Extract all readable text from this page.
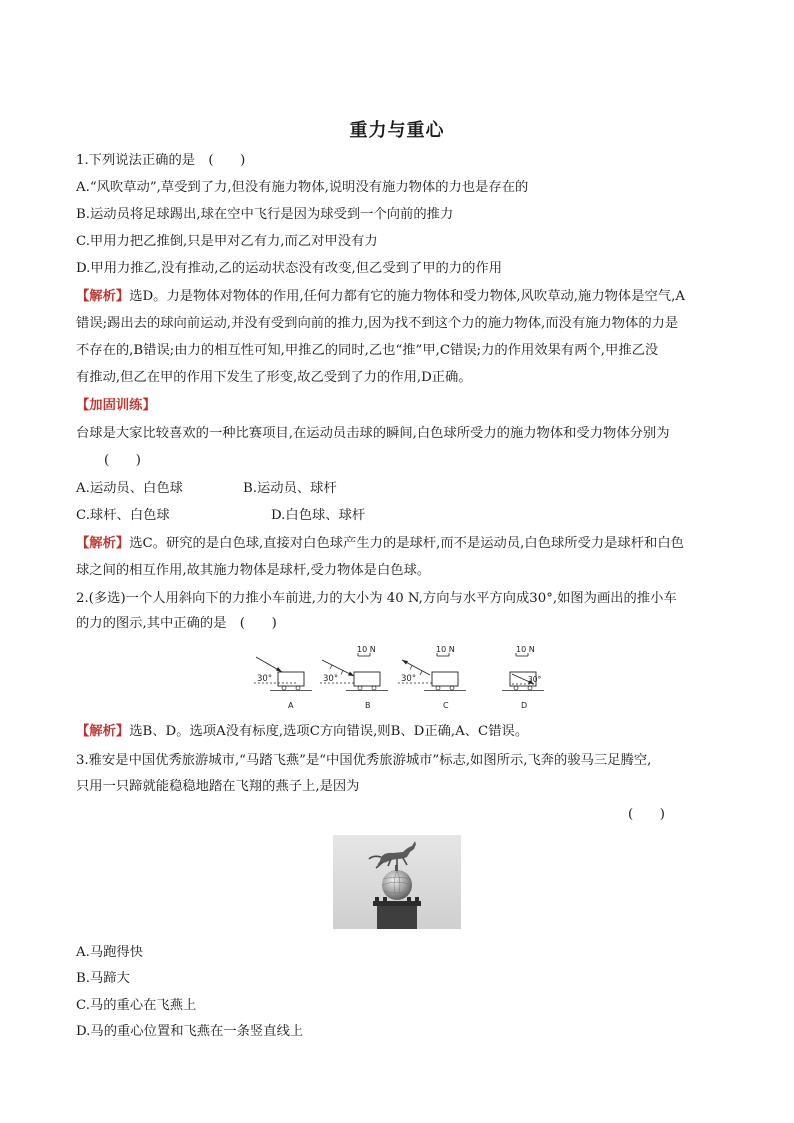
重力与重心
1.下列说法正确的是　(　　)
A.“风吹草动”,草受到了力,但没有施力物体,说明没有施力物体的力也是存在的
B.运动员将足球踢出,球在空中飞行是因为球受到一个向前的推力
C.甲用力把乙推倒,只是甲对乙有力,而乙对甲没有力
D.甲用力推乙,没有推动,乙的运动状态没有改变,但乙受到了甲的力的作用
【解析】选D。力是物体对物体的作用,任何力都有它的施力物体和受力物体,风吹草动,施力物体是空气,A
错误;踢出去的球向前运动,并没有受到向前的推力,因为找不到这个力的施力物体,而没有施力物体的力是
不存在的,B错误;由力的相互性可知,甲推乙的同时,乙也“推”甲,C错误;力的作用效果有两个,甲推乙没
有推动,但乙在甲的作用下发生了形变,故乙受到了力的作用,D正确。
【加固训练】
台球是大家比较喜欢的一种比赛项目,在运动员击球的瞬间,白色球所受力的施力物体和受力物体分别为
(　　)
A.运动员、白色球	B.运动员、球杆
C.球杆、白色球	D.白色球、球杆
【解析】选C。研究的是白色球,直接对白色球产生力的是球杆,而不是运动员,白色球所受力是球杆和白色
球之间的相互作用,故其施力物体是球杆,受力物体是白色球。
2.(多选)一个人用斜向下的力推小车前进,力的大小为 40 N,方向与水平方向成30°,如图为画出的推小车
的力的图示,其中正确的是　(　　)
30°
A
10 N
30°
B
10 N
30°
C
10 N
30°
D
【解析】选B、D。选项A没有标度,选项C方向错误,则B、D正确,A、C错误。
3.雅安是中国优秀旅游城市,“马踏飞燕”是“中国优秀旅游城市”标志,如图所示,飞奔的骏马三足腾空,
只用一只蹄就能稳稳地踏在飞翔的燕子上,是因为
(　　)
A.马跑得快
B.马蹄大
C.马的重心在飞燕上
D.马的重心位置和飞燕在一条竖直线上
